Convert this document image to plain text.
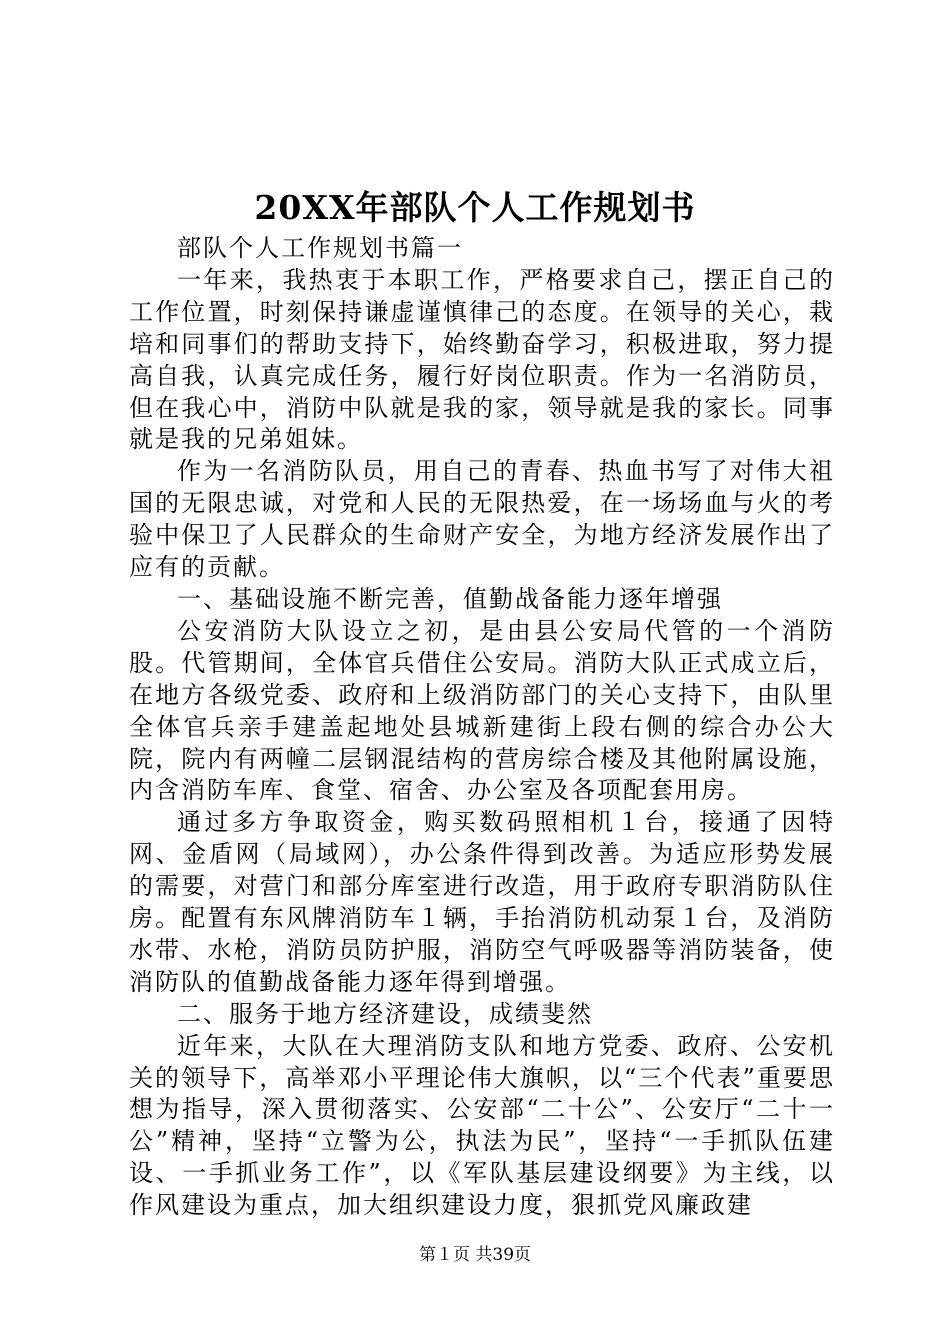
20XX年部队个人工作规划书

部队个人工作规划书篇一

一年来，我热衷于本职工作，严格要求自己，摆正自己的工作位置，时刻保持谦虚谨慎律己的态度。在领导的关心，栽培和同事们的帮助支持下，始终勤奋学习，积极进取，努力提高自我，认真完成任务，履行好岗位职责。作为一名消防员，但在我心中，消防中队就是我的家，领导就是我的家长。同事就是我的兄弟姐妹。

作为一名消防队员，用自己的青春、热血书写了对伟大祖国的无限忠诚，对党和人民的无限热爱，在一场场血与火的考验中保卫了人民群众的生命财产安全，为地方经济发展作出了应有的贡献。

一、基础设施不断完善，值勤战备能力逐年增强

公安消防大队设立之初，是由县公安局代管的一个消防股。代管期间，全体官兵借住公安局。消防大队正式成立后，在地方各级党委、政府和上级消防部门的关心支持下，由队里全体官兵亲手建盖起地处县城新建街上段右侧的综合办公大院，院内有两幢二层钢混结构的营房综合楼及其他附属设施，内含消防车库、食堂、宿舍、办公室及各项配套用房。

通过多方争取资金，购买数码照相机１台，接通了因特网、金盾网（局域网），办公条件得到改善。为适应形势发展的需要，对营门和部分库室进行改造，用于政府专职消防队住房。配置有东风牌消防车１辆，手抬消防机动泵１台，及消防水带、水枪，消防员防护服，消防空气呼吸器等消防装备，使消防队的值勤战备能力逐年得到增强。

二、服务于地方经济建设，成绩斐然

近年来，大队在大理消防支队和地方党委、政府、公安机关的领导下，高举邓小平理论伟大旗帜，以“三个代表”重要思想为指导，深入贯彻落实、公安部“二十公”、公安厅“二十一公”精神，坚持“立警为公，执法为民”，坚持“一手抓队伍建设、一手抓业务工作”，以《军队基层建设纲要》为主线，以作风建设为重点，加大组织建设力度，狠抓党风廉政建

第１页 共39页
